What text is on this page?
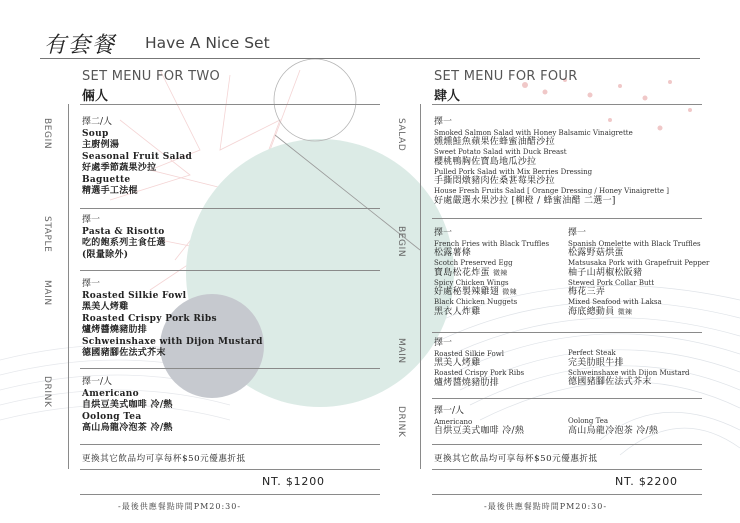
有套餐 Have A Nice Set
SET MENU FOR TWO
倆人
BEGIN
STAPLE
MAIN
DRINK
擇二/人
Soup
主廚例湯
Seasonal Fruit Salad
好處季節蔬果沙拉
Baguette
精選手工法棍
擇一
Pasta & Risotto
吃的飽系列主食任選
(限量除外)
擇一
Roasted Silkie Fowl
黑美人烤雞
Roasted Crispy Pork Ribs
爐烤醬燒豬肋排
Schweinshaxe with Dijon Mustard
德國豬腳佐法式芥末
擇一/人
Americano
自烘豆美式咖啡 冷/熱
Oolong Tea
高山烏龍冷泡茶 冷/熱
更換其它飲品均可享每杯$50元優惠折抵
NT. $1200
-最後供應餐點時間PM20:30-
SET MENU FOR FOUR
肆人
SALAD
BEGIN
MAIN
DRINK
擇一
Smoked Salmon Salad with Honey Balsamic Vinaigrette
燻燻鮭魚蘋果佐蜂蜜油醋沙拉
Sweet Potato Salad with Duck Breast
櫻桃鴨胸佐寶島地瓜沙拉
Pulled Pork Salad with Mix Berries Dressing
手撕悶燉豬肉佐桑葚莓果沙拉
House Fresh Fruits Salad [ Orange Dressing / Honey Vinaigrette ]
好處嚴選水果沙拉 [柳橙 / 蜂蜜油醋 二選一]
擇一
French Fries with Black Truffles
松露薯條
Scotch Preserved Egg
寶島松花炸蛋 微辣
Spicy Chicken Wings
好處秘製辣雞翅 微辣
Black Chicken Nuggets
黑衣人炸雞
擇一
Spanish Omelette with Black Truffles
松露野菇烘蛋
Matsusaka Pork with Grapefruit Pepper
柚子山胡椒松阪豬
Stewed Pork Collar Butt
梅花三弄
Mixed Seafood with Laksa
海底總動員 微辣
擇一
Roasted Silkie Fowl
黑美人烤雞
Roasted Crispy Pork Ribs
爐烤醬燒豬肋排
Perfect Steak
完美肋眼牛排
Schweinshaxe with Dijon Mustard
德國豬腳佐法式芥末
擇一/人
Americano
自烘豆美式咖啡 冷/熱
Oolong Tea
高山烏龍冷泡茶 冷/熱
更換其它飲品均可享每杯$50元優惠折抵
NT. $2200
-最後供應餐點時間PM20:30-
